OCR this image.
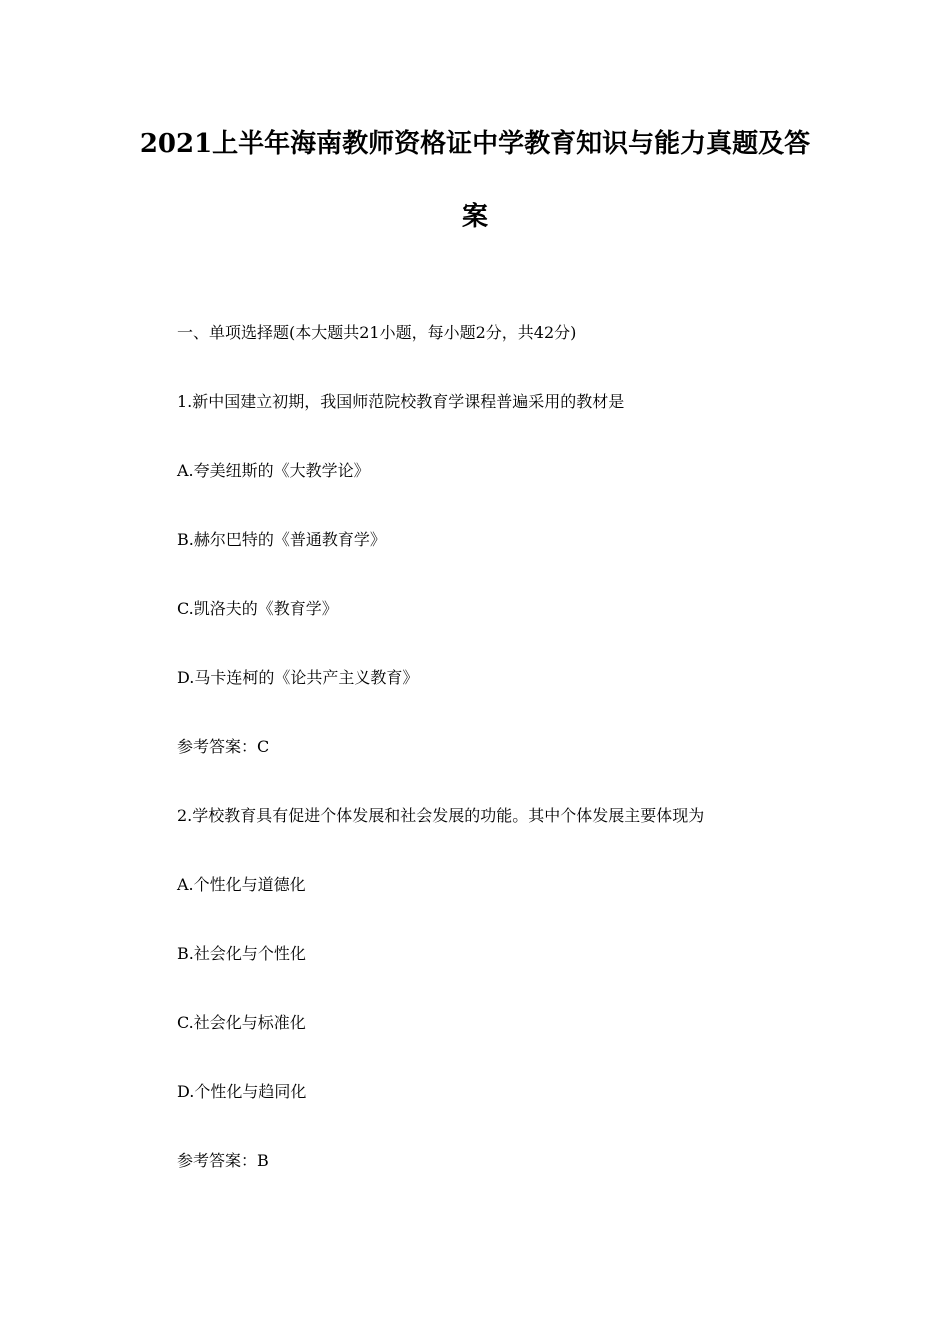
2021上半年海南教师资格证中学教育知识与能力真题及答
案

一、单项选择题(本大题共21小题，每小题2分，共42分)

1.新中国建立初期，我国师范院校教育学课程普遍采用的教材是

A.夸美纽斯的《大教学论》

B.赫尔巴特的《普通教育学》

C.凯洛夫的《教育学》

D.马卡连柯的《论共产主义教育》

参考答案：C

2.学校教育具有促进个体发展和社会发展的功能。其中个体发展主要体现为

A.个性化与道德化

B.社会化与个性化

C.社会化与标准化

D.个性化与趋同化

参考答案：B
